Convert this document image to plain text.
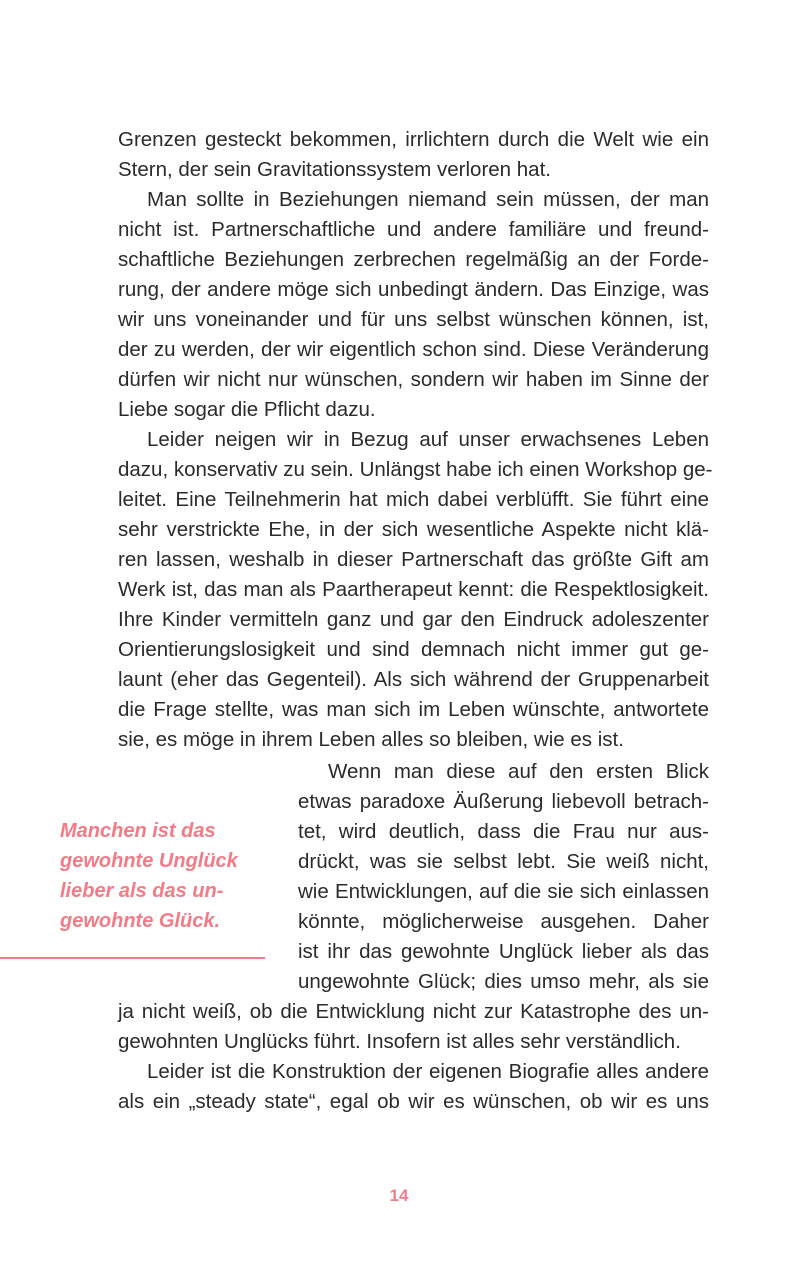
Grenzen gesteckt bekommen, irrlichtern durch die Welt wie ein
Stern, der sein Gravitationssystem verloren hat.
Man sollte in Beziehungen niemand sein müssen, der man
nicht ist. Partnerschaftliche und andere familiäre und freund-
schaftliche Beziehungen zerbrechen regelmäßig an der Forde-
rung, der andere möge sich unbedingt ändern. Das Einzige, was
wir uns voneinander und für uns selbst wünschen können, ist,
der zu werden, der wir eigentlich schon sind. Diese Veränderung
dürfen wir nicht nur wünschen, sondern wir haben im Sinne der
Liebe sogar die Pflicht dazu.
Leider neigen wir in Bezug auf unser erwachsenes Leben
dazu, konservativ zu sein. Unlängst habe ich einen Workshop ge-
leitet. Eine Teilnehmerin hat mich dabei verblüfft. Sie führt eine
sehr verstrickte Ehe, in der sich wesentliche Aspekte nicht klä-
ren lassen, weshalb in dieser Partnerschaft das größte Gift am
Werk ist, das man als Paartherapeut kennt: die Respektlosigkeit.
Ihre Kinder vermitteln ganz und gar den Eindruck adoleszenter
Orientierungslosigkeit und sind demnach nicht immer gut ge-
launt (eher das Gegenteil). Als sich während der Gruppenarbeit
die Frage stellte, was man sich im Leben wünschte, antwortete
sie, es möge in ihrem Leben alles so bleiben, wie es ist.
Wenn man diese auf den ersten Blick
etwas paradoxe Äußerung liebevoll betrach-
tet, wird deutlich, dass die Frau nur aus-
drückt, was sie selbst lebt. Sie weiß nicht,
wie Entwicklungen, auf die sie sich einlassen
könnte, möglicherweise ausgehen. Daher
ist ihr das gewohnte Unglück lieber als das
ungewohnte Glück; dies umso mehr, als sie
ja nicht weiß, ob die Entwicklung nicht zur Katastrophe des un-
gewohnten Unglücks führt. Insofern ist alles sehr verständlich.
Leider ist die Konstruktion der eigenen Biografie alles andere
als ein „steady state“, egal ob wir es wünschen, ob wir es uns
Manchen ist das
gewohnte Unglück
lieber als das un-
gewohnte Glück.
14
